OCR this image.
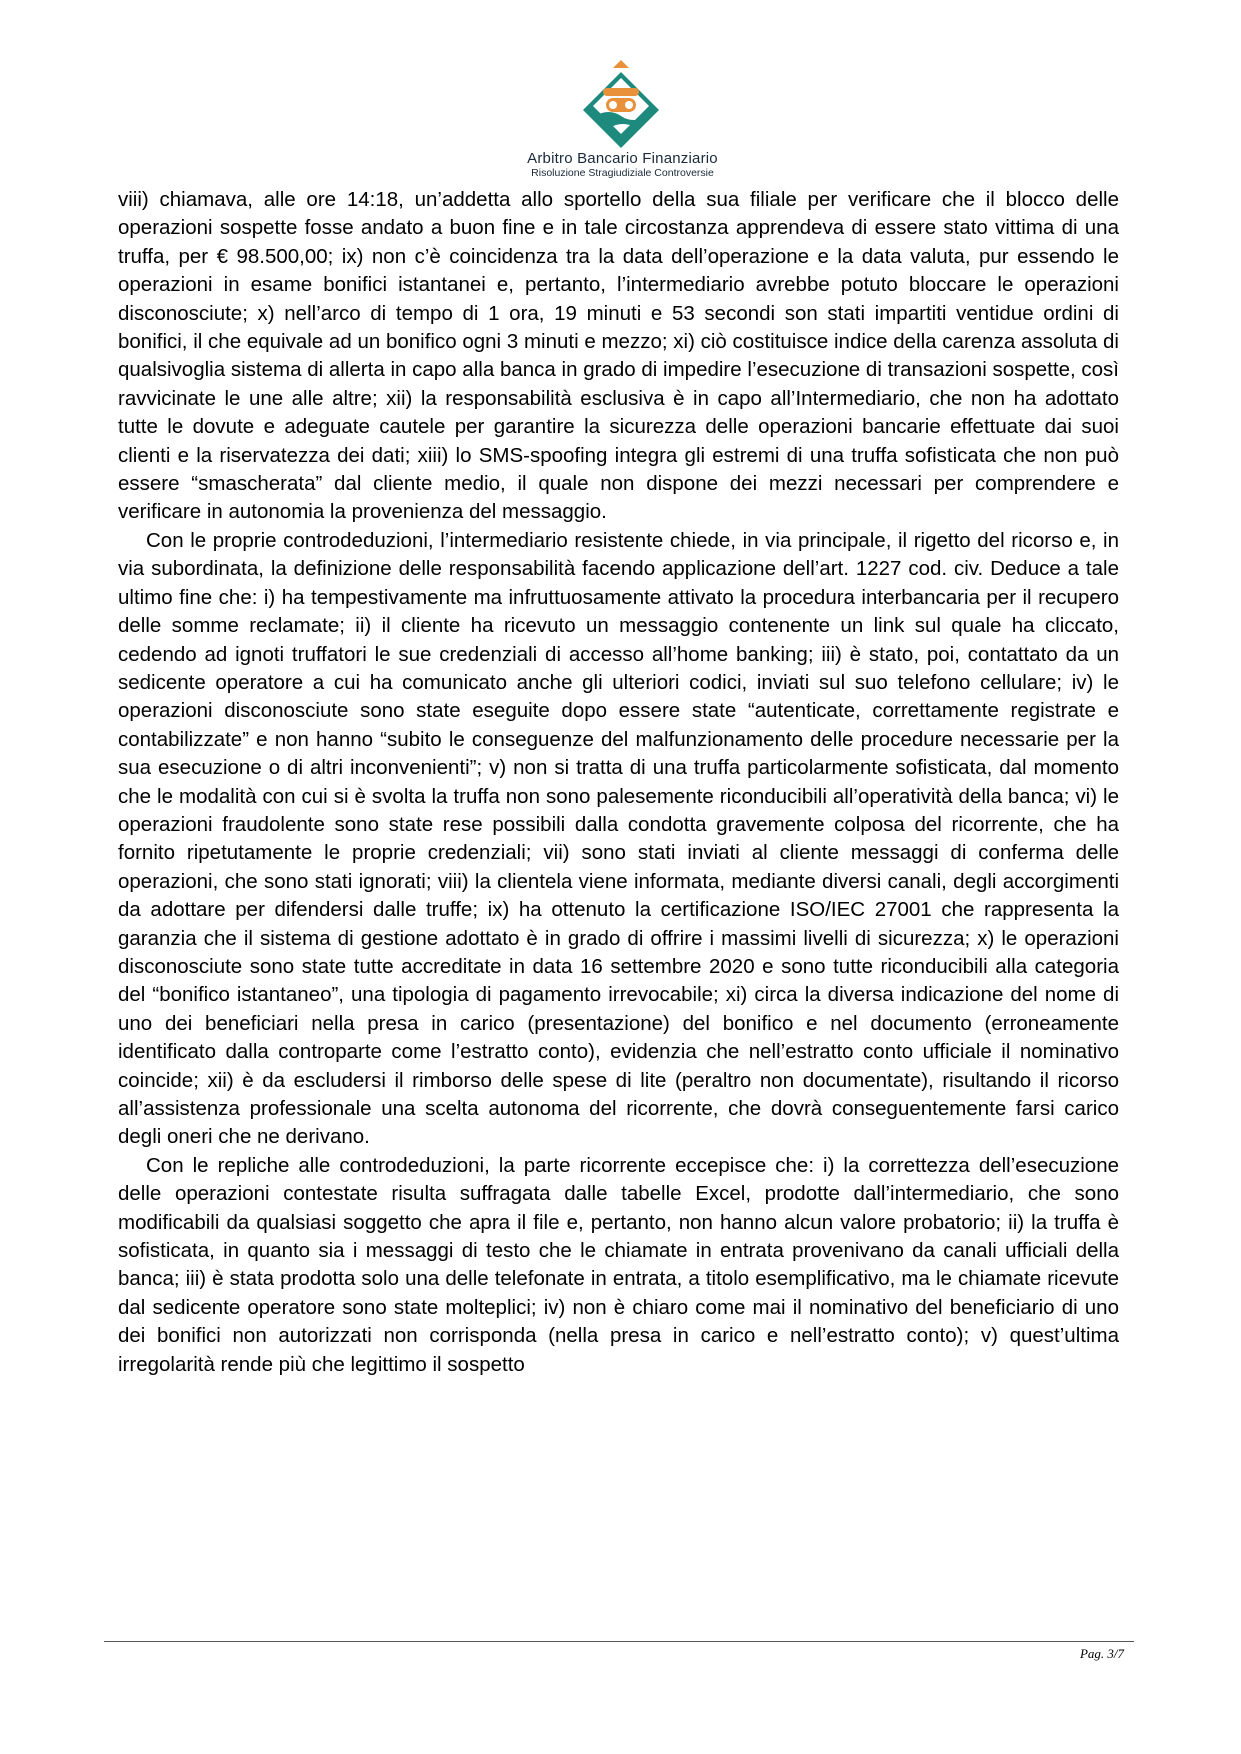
Arbitro Bancario Finanziario
Risoluzione Stragiudiziale Controversie

viii) chiamava, alle ore 14:18, un’addetta allo sportello della sua filiale per verificare che il blocco delle operazioni sospette fosse andato a buon fine e in tale circostanza apprendeva di essere stato vittima di una truffa, per € 98.500,00; ix) non c’è coincidenza tra la data dell’operazione e la data valuta, pur essendo le operazioni in esame bonifici istantanei e, pertanto, l’intermediario avrebbe potuto bloccare le operazioni disconosciute; x) nell’arco di tempo di 1 ora, 19 minuti e 53 secondi son stati impartiti ventidue ordini di bonifici, il che equivale ad un bonifico ogni 3 minuti e mezzo; xi) ciò costituisce indice della carenza assoluta di qualsivoglia sistema di allerta in capo alla banca in grado di impedire l’esecuzione di transazioni sospette, così ravvicinate le une alle altre; xii) la responsabilità esclusiva è in capo all’Intermediario, che non ha adottato tutte le dovute e adeguate cautele per garantire la sicurezza delle operazioni bancarie effettuate dai suoi clienti e la riservatezza dei dati; xiii) lo SMS-spoofing integra gli estremi di una truffa sofisticata che non può essere “smascherata” dal cliente medio, il quale non dispone dei mezzi necessari per comprendere e verificare in autonomia la provenienza del messaggio.

Con le proprie controdeduzioni, l’intermediario resistente chiede, in via principale, il rigetto del ricorso e, in via subordinata, la definizione delle responsabilità facendo applicazione dell’art. 1227 cod. civ. Deduce a tale ultimo fine che: i) ha tempestivamente ma infruttuosamente attivato la procedura interbancaria per il recupero delle somme reclamate; ii) il cliente ha ricevuto un messaggio contenente un link sul quale ha cliccato, cedendo ad ignoti truffatori le sue credenziali di accesso all’home banking; iii) è stato, poi, contattato da un sedicente operatore a cui ha comunicato anche gli ulteriori codici, inviati sul suo telefono cellulare; iv) le operazioni disconosciute sono state eseguite dopo essere state “autenticate, correttamente registrate e contabilizzate” e non hanno “subito le conseguenze del malfunzionamento delle procedure necessarie per la sua esecuzione o di altri inconvenienti”; v) non si tratta di una truffa particolarmente sofisticata, dal momento che le modalità con cui si è svolta la truffa non sono palesemente riconducibili all’operatività della banca; vi) le operazioni fraudolente sono state rese possibili dalla condotta gravemente colposa del ricorrente, che ha fornito ripetutamente le proprie credenziali; vii) sono stati inviati al cliente messaggi di conferma delle operazioni, che sono stati ignorati; viii) la clientela viene informata, mediante diversi canali, degli accorgimenti da adottare per difendersi dalle truffe; ix) ha ottenuto la certificazione ISO/IEC 27001 che rappresenta la garanzia che il sistema di gestione adottato è in grado di offrire i massimi livelli di sicurezza; x) le operazioni disconosciute sono state tutte accreditate in data 16 settembre 2020 e sono tutte riconducibili alla categoria del “bonifico istantaneo”, una tipologia di pagamento irrevocabile; xi) circa la diversa indicazione del nome di uno dei beneficiari nella presa in carico (presentazione) del bonifico e nel documento (erroneamente identificato dalla controparte come l’estratto conto), evidenzia che nell’estratto conto ufficiale il nominativo coincide; xii) è da escludersi il rimborso delle spese di lite (peraltro non documentate), risultando il ricorso all’assistenza professionale una scelta autonoma del ricorrente, che dovrà conseguentemente farsi carico degli oneri che ne derivano.

Con le repliche alle controdeduzioni, la parte ricorrente eccepisce che: i) la correttezza dell’esecuzione delle operazioni contestate risulta suffragata dalle tabelle Excel, prodotte dall’intermediario, che sono modificabili da qualsiasi soggetto che apra il file e, pertanto, non hanno alcun valore probatorio; ii) la truffa è sofisticata, in quanto sia i messaggi di testo che le chiamate in entrata provenivano da canali ufficiali della banca; iii) è stata prodotta solo una delle telefonate in entrata, a titolo esemplificativo, ma le chiamate ricevute dal sedicente operatore sono state molteplici; iv) non è chiaro come mai il nominativo del beneficiario di uno dei bonifici non autorizzati non corrisponda (nella presa in carico e nell’estratto conto); v) quest’ultima irregolarità rende più che legittimo il sospetto

Pag. 3/7
